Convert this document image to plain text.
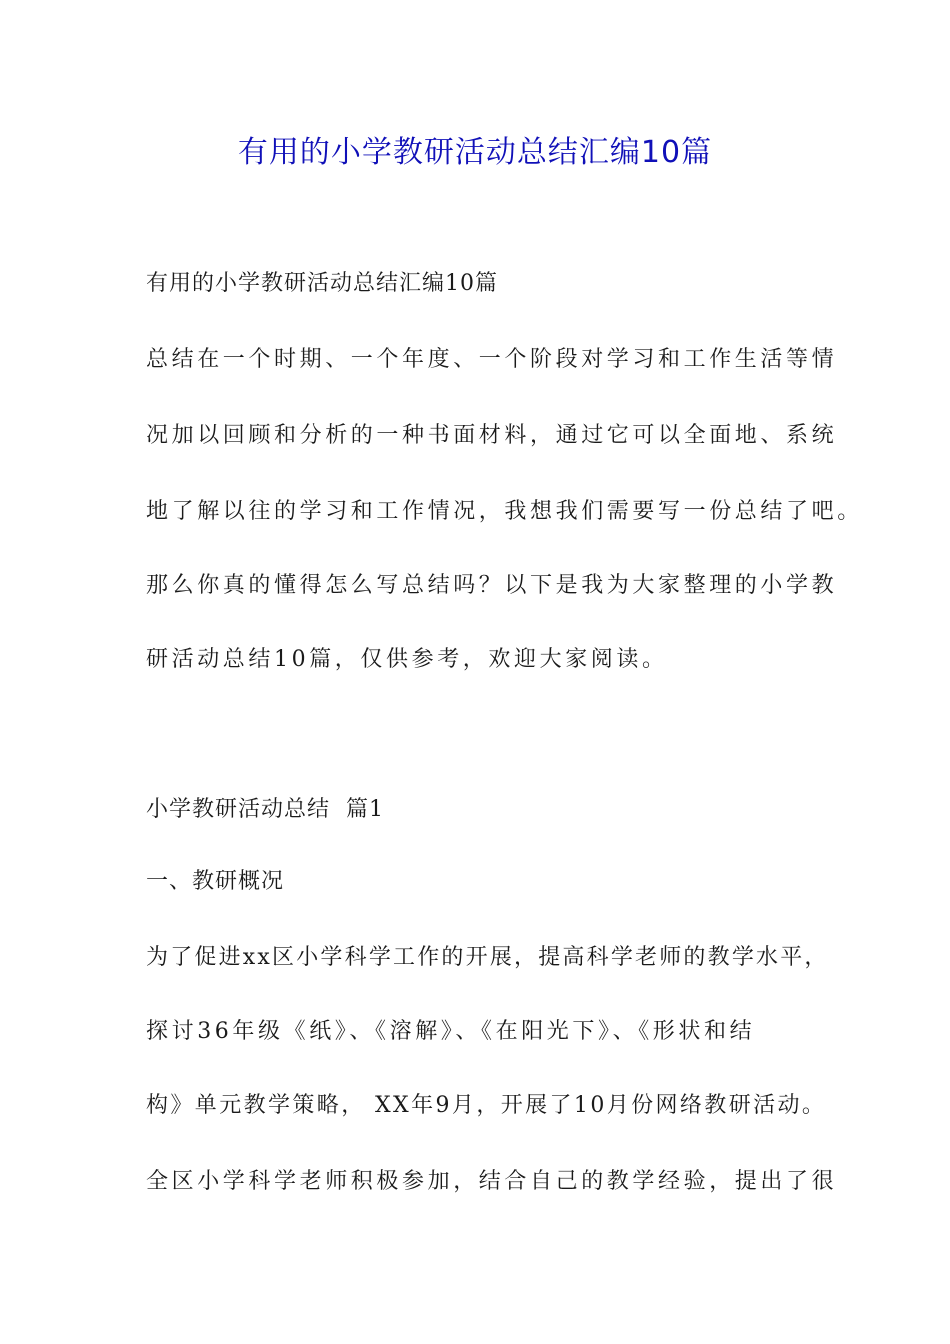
有用的小学教研活动总结汇编10篇
有用的小学教研活动总结汇编10篇
总结在一个时期、一个年度、一个阶段对学习和工作生活等情
况加以回顾和分析的一种书面材料，通过它可以全面地、系统
地了解以往的学习和工作情况，我想我们需要写一份总结了吧。
那么你真的懂得怎么写总结吗？以下是我为大家整理的小学教
研活动总结10篇，仅供参考，欢迎大家阅读。
小学教研活动总结  篇1
一、教研概况
为了促进xx区小学科学工作的开展，提高科学老师的教学水平，
探讨36年级《纸》、《溶解》、《在阳光下》、《形状和结
构》单元教学策略， XX年9月，开展了10月份网络教研活动。
全区小学科学老师积极参加，结合自己的教学经验，提出了很
